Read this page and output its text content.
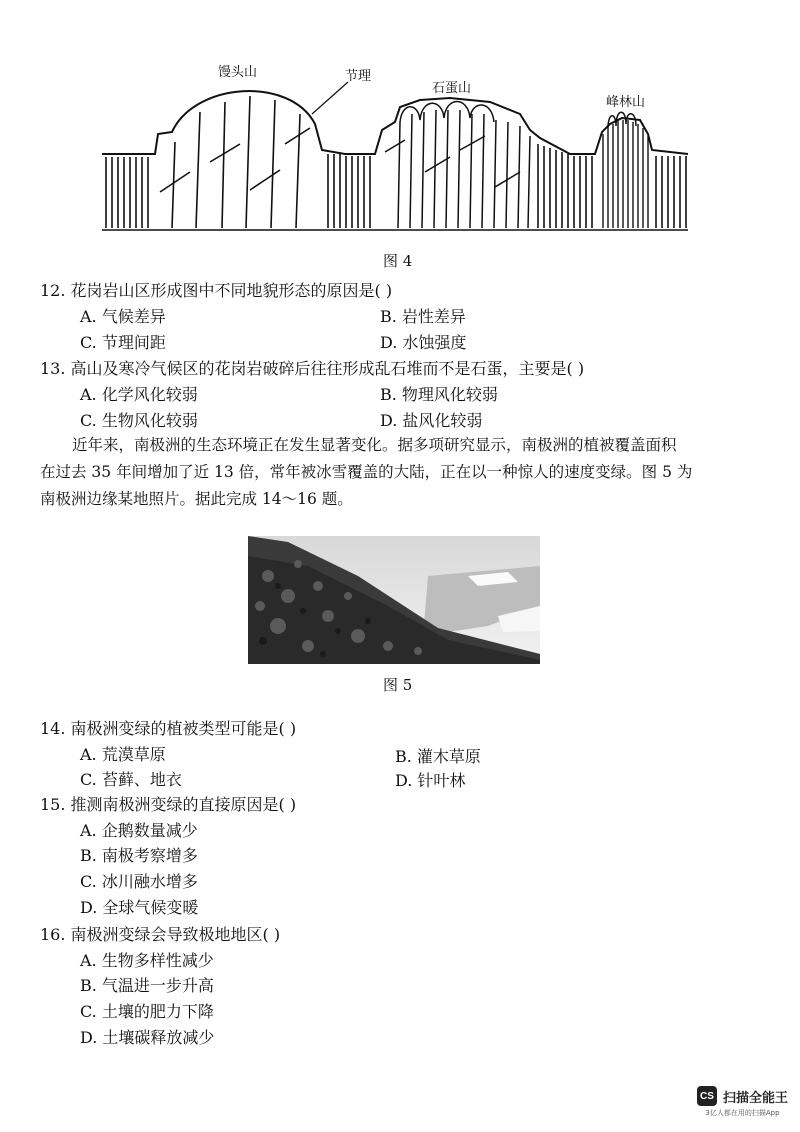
馒头山	节理
石蛋山
峰林山
图 4
12. 花岗岩山区形成图中不同地貌形态的原因是( )
A. 气候差异	B. 岩性差异
C. 节理间距	D. 水蚀强度
13. 高山及寒冷气候区的花岗岩破碎后往往形成乱石堆而不是石蛋，主要是( )
A. 化学风化较弱	B. 物理风化较弱
C. 生物风化较弱	D. 盐风化较弱

近年来，南极洲的生态环境正在发生显著变化。据多项研究显示，南极洲的植被覆盖面积

在过去 35 年间增加了近 13 倍，常年被冰雪覆盖的大陆，正在以一种惊人的速度变绿。图 5 为

南极洲边缘某地照片。据此完成 14～16 题。

图 5
14. 南极洲变绿的植被类型可能是( )
A. 荒漠草原	B. 灌木草原
C. 苔藓、地衣	D. 针叶林
15. 推测南极洲变绿的直接原因是( )
A. 企鹅数量减少
B. 南极考察增多
C. 冰川融水增多
D. 全球气候变暖
16. 南极洲变绿会导致极地地区( )
A. 生物多样性减少
B. 气温进一步升高
C. 土壤的肥力下降
D. 土壤碳释放减少
CS 扫描全能王
3亿人都在用的扫描App
